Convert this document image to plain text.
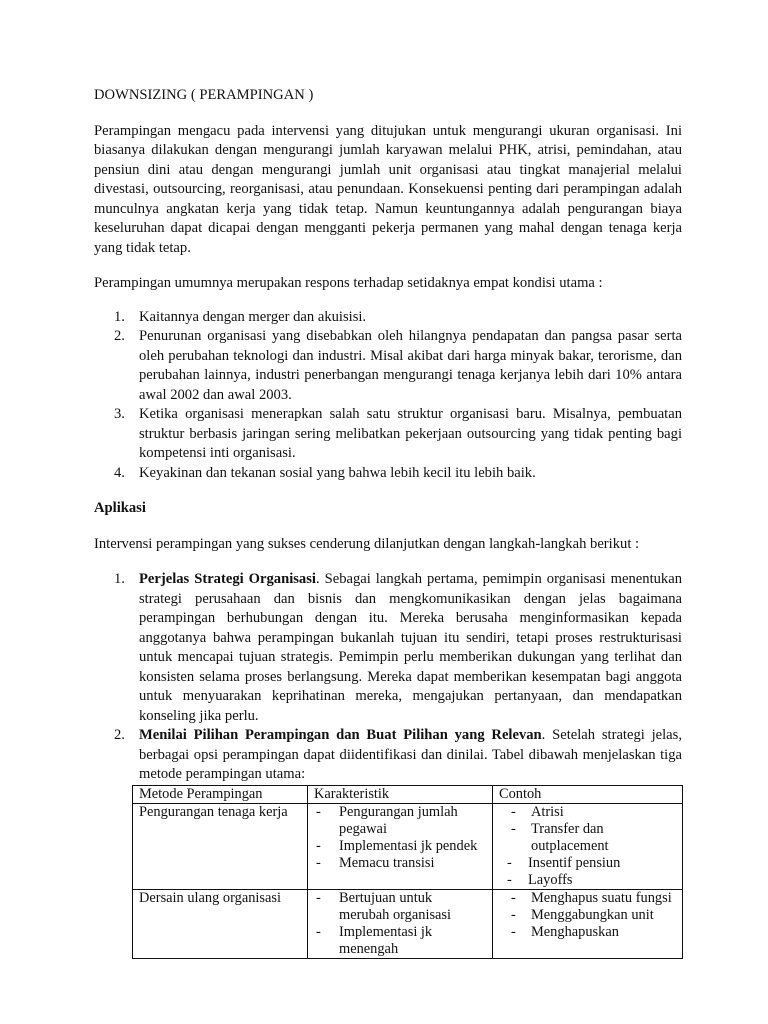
DOWNSIZING ( PERAMPINGAN )

Perampingan mengacu pada intervensi yang ditujukan untuk mengurangi ukuran organisasi. Ini biasanya dilakukan dengan mengurangi jumlah karyawan melalui PHK, atrisi, pemindahan, atau pensiun dini atau dengan mengurangi jumlah unit organisasi atau tingkat manajerial melalui divestasi, outsourcing, reorganisasi, atau penundaan. Konsekuensi penting dari perampingan adalah munculnya angkatan kerja yang tidak tetap. Namun keuntungannya adalah pengurangan biaya keseluruhan dapat dicapai dengan mengganti pekerja permanen yang mahal dengan tenaga kerja yang tidak tetap.

Perampingan umumnya merupakan respons terhadap setidaknya empat kondisi utama :

1. Kaitannya dengan merger dan akuisisi.
2. Penurunan organisasi yang disebabkan oleh hilangnya pendapatan dan pangsa pasar serta oleh perubahan teknologi dan industri. Misal akibat dari harga minyak bakar, terorisme, dan perubahan lainnya, industri penerbangan mengurangi tenaga kerjanya lebih dari 10% antara awal 2002 dan awal 2003.
3. Ketika organisasi menerapkan salah satu struktur organisasi baru. Misalnya, pembuatan struktur berbasis jaringan sering melibatkan pekerjaan outsourcing yang tidak penting bagi kompetensi inti organisasi.
4. Keyakinan dan tekanan sosial yang bahwa lebih kecil itu lebih baik.

Aplikasi

Intervensi perampingan yang sukses cenderung dilanjutkan dengan langkah-langkah berikut :

1. Perjelas Strategi Organisasi. Sebagai langkah pertama, pemimpin organisasi menentukan strategi perusahaan dan bisnis dan mengkomunikasikan dengan jelas bagaimana perampingan berhubungan dengan itu. Mereka berusaha menginformasikan kepada anggotanya bahwa perampingan bukanlah tujuan itu sendiri, tetapi proses restrukturisasi untuk mencapai tujuan strategis. Pemimpin perlu memberikan dukungan yang terlihat dan konsisten selama proses berlangsung. Mereka dapat memberikan kesempatan bagi anggota untuk menyuarakan keprihatinan mereka, mengajukan pertanyaan, dan mendapatkan konseling jika perlu.
2. Menilai Pilihan Perampingan dan Buat Pilihan yang Relevan. Setelah strategi jelas, berbagai opsi perampingan dapat diidentifikasi dan dinilai. Tabel dibawah menjelaskan tiga metode perampingan utama:
Metode Perampingan	Karakteristik	Contoh
Pengurangan tenaga kerja	- Pengurangan jumlah pegawai
- Implementasi jk pendek
- Memacu transisi	- Atrisi
- Transfer dan outplacement
- Insentif pensiun
- Layoffs

Dersain ulang organisasi	- Bertujuan untuk merubah organisasi
- Implementasi jk menengah	- Menghapus suatu fungsi
- Menggabungkan unit
- Menghapuskan
